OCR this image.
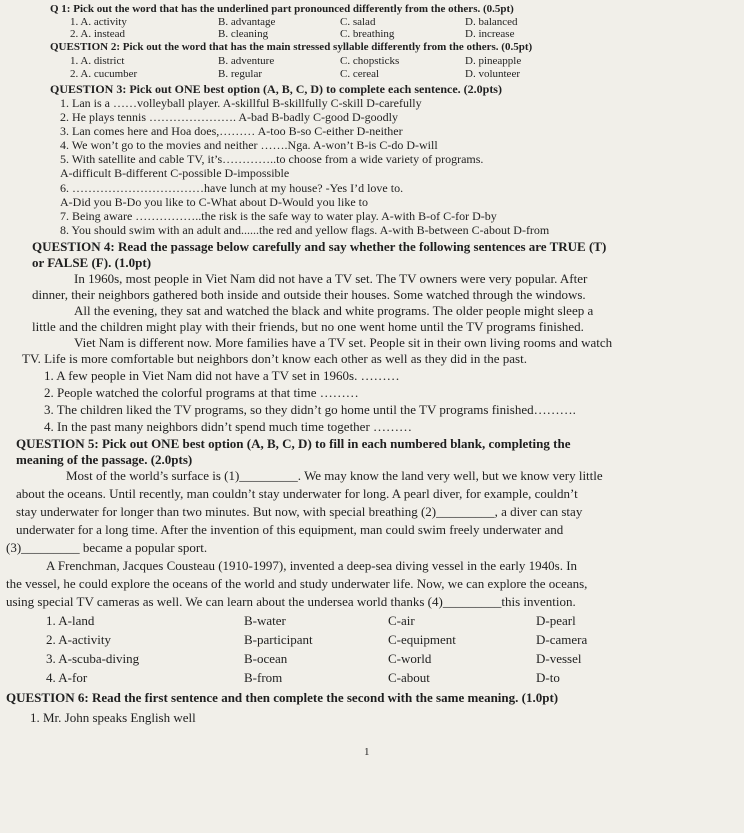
Q 1: Pick out the word that has the underlined part pronounced differently from the others. (0.5pt)
1. A. activity	B. advantage	C. salad	D. balanced
2. A. instead	B. cleaning	C. breathing	D. increase
QUESTION 2: Pick out the word that has the main stressed syllable differently from the others. (0.5pt)
1. A. district	B. adventure	C. chopsticks	D. pineapple
2. A. cucumber	B. regular	C. cereal	D. volunteer
QUESTION 3: Pick out ONE best option (A, B, C, D) to complete each sentence. (2.0pts)
1. Lan is a ……volleyball player. A-skillful B-skillfully C-skill D-carefully
2. He plays tennis …………………. A-bad B-badly C-good D-goodly
3. Lan comes here and Hoa does,……… A-too B-so C-either D-neither
4. We won’t go to the movies and neither …….Nga. A-won’t B-is C-do D-will
5. With satellite and cable TV, it’s…………..to choose from a wide variety of programs.
A-difficult B-different C-possible D-impossible
6. ……………………………have lunch at my house? -Yes I’d love to.
A-Did you B-Do you like to C-What about D-Would you like to
7. Being aware ……………..the risk is the safe way to water play. A-with B-of C-for D-by
8. You should swim with an adult and......the red and yellow flags. A-with B-between C-about D-from
QUESTION 4: Read the passage below carefully and say whether the following sentences are TRUE (T)
or FALSE (F). (1.0pt)
In 1960s, most people in Viet Nam did not have a TV set. The TV owners were very popular. After
dinner, their neighbors gathered both inside and outside their houses. Some watched through the windows.
All the evening, they sat and watched the black and white programs. The older people might sleep a
little and the children might play with their friends, but no one went home until the TV programs finished.
Viet Nam is different now. More families have a TV set. People sit in their own living rooms and watch
TV. Life is more comfortable but neighbors don’t know each other as well as they did in the past.
1. A few people in Viet Nam did not have a TV set in 1960s. ………
2. People watched the colorful programs at that time ………
3. The children liked the TV programs, so they didn’t go home until the TV programs finished……….
4. In the past many neighbors didn’t spend much time together ………
QUESTION 5: Pick out ONE best option (A, B, C, D) to fill in each numbered blank, completing the
meaning of the passage. (2.0pts)
Most of the world’s surface is (1)_________. We may know the land very well, but we know very little
about the oceans. Until recently, man couldn’t stay underwater for long. A pearl diver, for example, couldn’t
stay underwater for longer than two minutes. But now, with special breathing (2)_________, a diver can stay
underwater for a long time. After the invention of this equipment, man could swim freely underwater and
(3)_________ became a popular sport.
A Frenchman, Jacques Cousteau (1910-1997), invented a deep-sea diving vessel in the early 1940s. In
the vessel, he could explore the oceans of the world and study underwater life. Now, we can explore the oceans,
using special TV cameras as well. We can learn about the undersea world thanks (4)_________this invention.
1. A-land	B-water	C-air	D-pearl
2. A-activity	B-participant	C-equipment	D-camera
3. A-scuba-diving	B-ocean	C-world	D-vessel
4. A-for	B-from	C-about	D-to
QUESTION 6: Read the first sentence and then complete the second with the same meaning. (1.0pt)
1. Mr. John speaks English well
1
